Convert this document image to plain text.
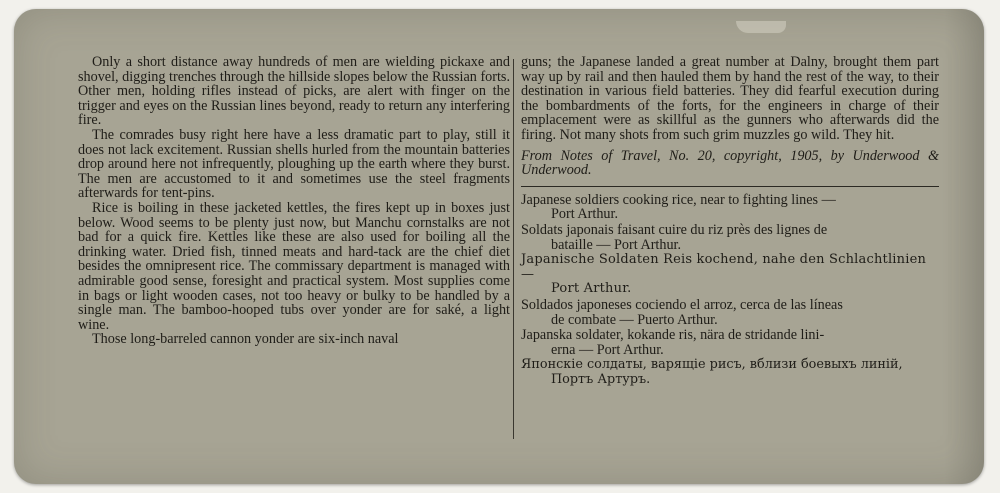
Only a short distance away hundreds of men are wielding pickaxe and shovel, digging trenches through the hillside slopes below the Russian forts. Other men, holding rifles instead of picks, are alert with finger on the trigger and eyes on the Russian lines beyond, ready to return any interfering fire.

The comrades busy right here have a less dramatic part to play, still it does not lack excitement. Russian shells hurled from the mountain batteries drop around here not infrequently, ploughing up the earth where they burst. The men are accustomed to it and sometimes use the steel fragments afterwards for tent-pins.

Rice is boiling in these jacketed kettles, the fires kept up in boxes just below. Wood seems to be plenty just now, but Manchu cornstalks are not bad for a quick fire. Kettles like these are also used for boiling all the drinking water. Dried fish, tinned meats and hard-tack are the chief diet besides the omnipresent rice. The commissary department is managed with admirable good sense, foresight and practical system. Most supplies come in bags or light wooden cases, not too heavy or bulky to be handled by a single man. The bamboo-hooped tubs over yonder are for saké, a light wine.

Those long-barreled cannon yonder are six-inch naval

guns; the Japanese landed a great number at Dalny, brought them part way up by rail and then hauled them by hand the rest of the way, to their destination in various field batteries. They did fearful execution during the bombardments of the forts, for the engineers in charge of their emplacement were as skillful as the gunners who afterwards did the firing. Not many shots from such grim muzzles go wild. They hit.

From Notes of Travel, No. 20, copyright, 1905, by Underwood & Underwood.

Japanese soldiers cooking rice, near to fighting lines —
Port Arthur.
Soldats japonais faisant cuire du riz près des lignes de
bataille — Port Arthur.
Japanische Soldaten Reis kochend, nahe den Schlachtlinien—
Port Arthur.
Soldados japoneses cociendo el arroz, cerca de las líneas
de combate — Puerto Arthur.
Japanska soldater, kokande ris, nära de stridande lini-
erna — Port Arthur.
Японскіе солдаты, варящіе рисъ, вблизи боевыхъ линій,
Портъ Артуръ.
